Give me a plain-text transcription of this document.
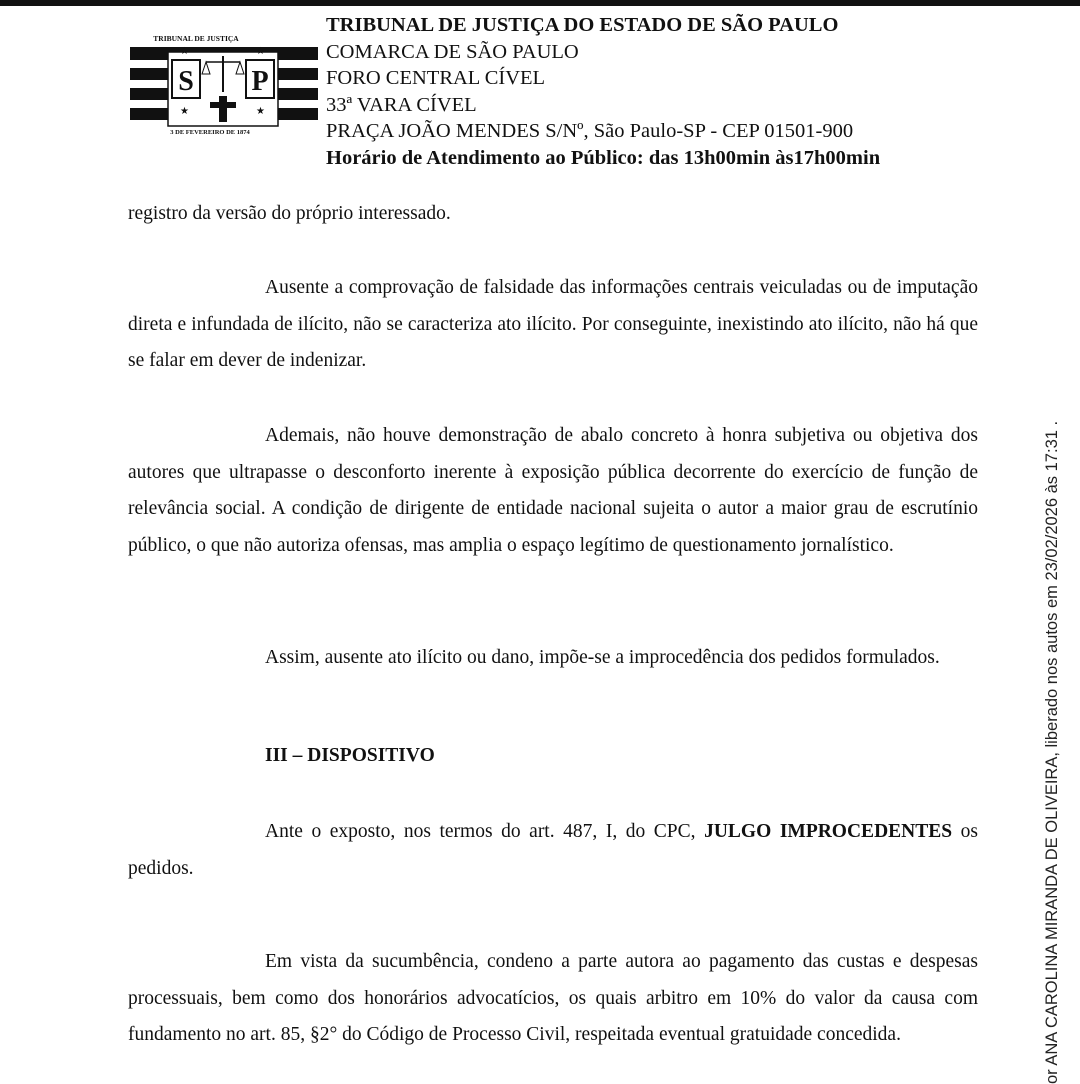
TRIBUNAL DE JUSTIÇA
S P
★
★	★
★
3 DE FEVEREIRO DE 1874
TRIBUNAL DE JUSTIÇA DO ESTADO DE SÃO PAULO
COMARCA DE SÃO PAULO
FORO CENTRAL CÍVEL
33ª VARA CÍVEL
PRAÇA JOÃO MENDES S/Nº, São Paulo-SP - CEP 01501-900
Horário de Atendimento ao Público: das 13h00min às17h00min

registro da versão do próprio interessado.

Ausente a comprovação de falsidade das informações centrais veiculadas ou de imputação direta e infundada de ilícito, não se caracteriza ato ilícito. Por conseguinte, inexistindo ato ilícito, não há que se falar em dever de indenizar.

Ademais, não houve demonstração de abalo concreto à honra subjetiva ou objetiva dos autores que ultrapasse o desconforto inerente à exposição pública decorrente do exercício de função de relevância social. A condição de dirigente de entidade nacional sujeita o autor a maior grau de escrutínio público, o que não autoriza ofensas, mas amplia o espaço legítimo de questionamento jornalístico.

Assim, ausente ato ilícito ou dano, impõe-se a improcedência dos pedidos formulados.

III – DISPOSITIVO

Ante o exposto, nos termos do art. 487, I, do CPC, JULGO IMPROCEDENTES os pedidos.

Em vista da sucumbência, condeno a parte autora ao pagamento das custas e despesas processuais, bem como dos honorários advocatícios, os quais arbitro em 10% do valor da causa com fundamento no art. 85, §2° do Código de Processo Civil, respeitada eventual gratuidade concedida.	or ANA CAROLINA MIRANDA DE OLIVEIRA, liberado nos autos em 23/02/2026 às 17:31 .
